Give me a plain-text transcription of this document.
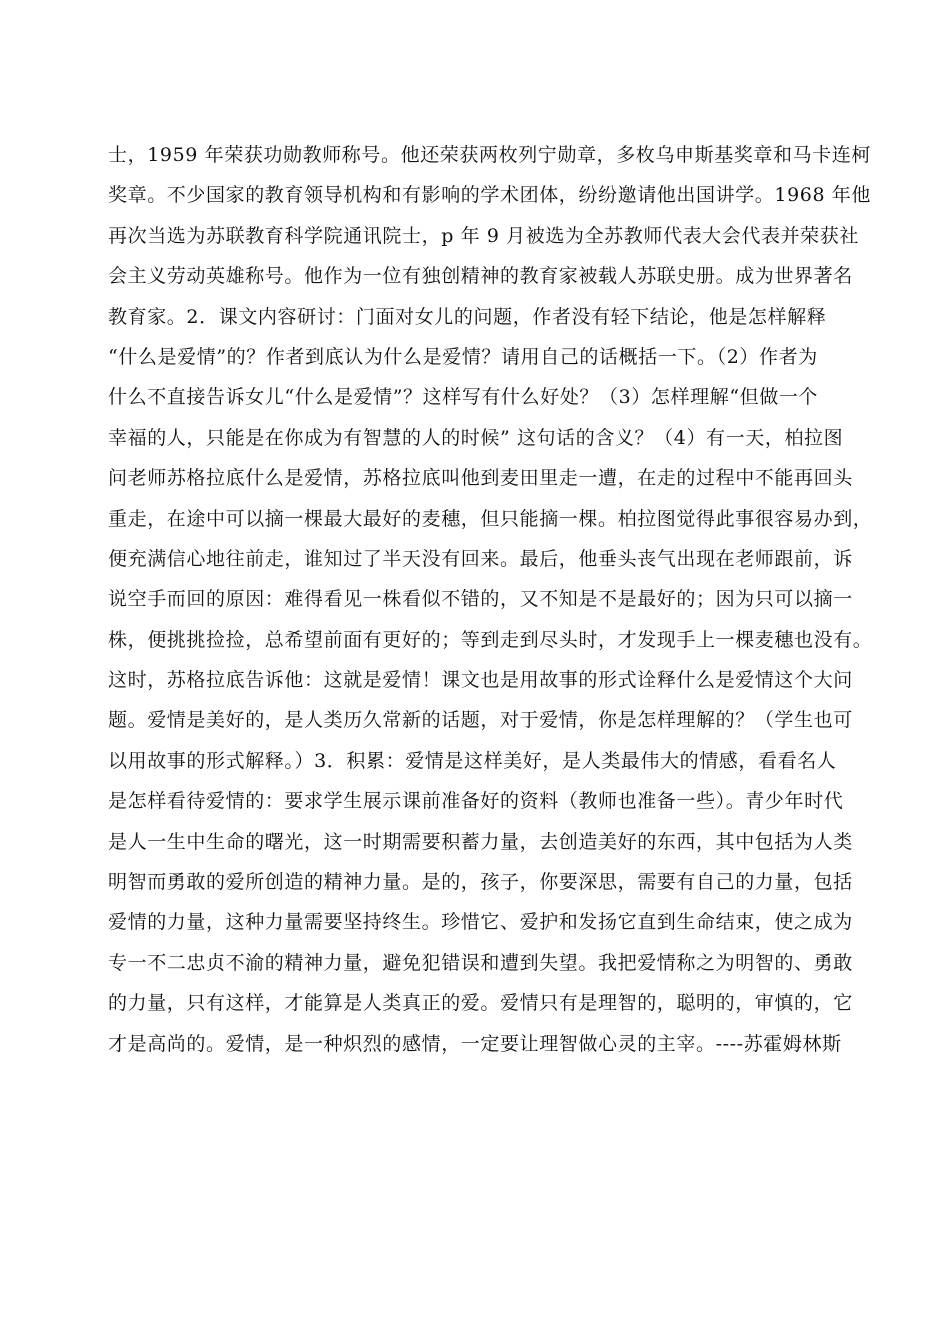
士，1959 年荣获功勋教师称号。他还荣获两枚列宁勋章，多枚乌申斯基奖章和马卡连柯
奖章。不少国家的教育领导机构和有影响的学术团体，纷纷邀请他出国讲学。1968 年他
再次当选为苏联教育科学院通讯院士，p 年 9 月被选为全苏教师代表大会代表并荣获社
会主义劳动英雄称号。他作为一位有独创精神的教育家被载人苏联史册。成为世界著名
教育家。2．课文内容研讨：门面对女儿的问题，作者没有轻下结论，他是怎样解释
“什么是爱情”的？作者到底认为什么是爱情？请用自己的话概括一下。（2）作者为
什么不直接告诉女儿“什么是爱情”？这样写有什么好处？（3）怎样理解“但做一个
幸福的人，只能是在你成为有智慧的人的时候” 这句话的含义？（4）有一天，柏拉图
问老师苏格拉底什么是爱情，苏格拉底叫他到麦田里走一遭，在走的过程中不能再回头
重走，在途中可以摘一棵最大最好的麦穗，但只能摘一棵。柏拉图觉得此事很容易办到，
便充满信心地往前走，谁知过了半天没有回来。最后，他垂头丧气出现在老师跟前，诉
说空手而回的原因：难得看见一株看似不错的，又不知是不是最好的；因为只可以摘一
株，便挑挑捡捡，总希望前面有更好的；等到走到尽头时，才发现手上一棵麦穗也没有。
这时，苏格拉底告诉他：这就是爱情！课文也是用故事的形式诠释什么是爱情这个大问
题。爱情是美好的，是人类历久常新的话题，对于爱情，你是怎样理解的？（学生也可
以用故事的形式解释。）3．积累：爱情是这样美好，是人类最伟大的情感，看看名人
是怎样看待爱情的：要求学生展示课前准备好的资料（教师也准备一些）。青少年时代
是人一生中生命的曙光，这一时期需要积蓄力量，去创造美好的东西，其中包括为人类
明智而勇敢的爱所创造的精神力量。是的，孩子，你要深思，需要有自己的力量，包括
爱情的力量，这种力量需要坚持终生。珍惜它、爱护和发扬它直到生命结束，使之成为
专一不二忠贞不渝的精神力量，避免犯错误和遭到失望。我把爱情称之为明智的、勇敢
的力量，只有这样，才能算是人类真正的爱。爱情只有是理智的，聪明的，审慎的，它
才是高尚的。爱情，是一种炽烈的感情，一定要让理智做心灵的主宰。----苏霍姆林斯
